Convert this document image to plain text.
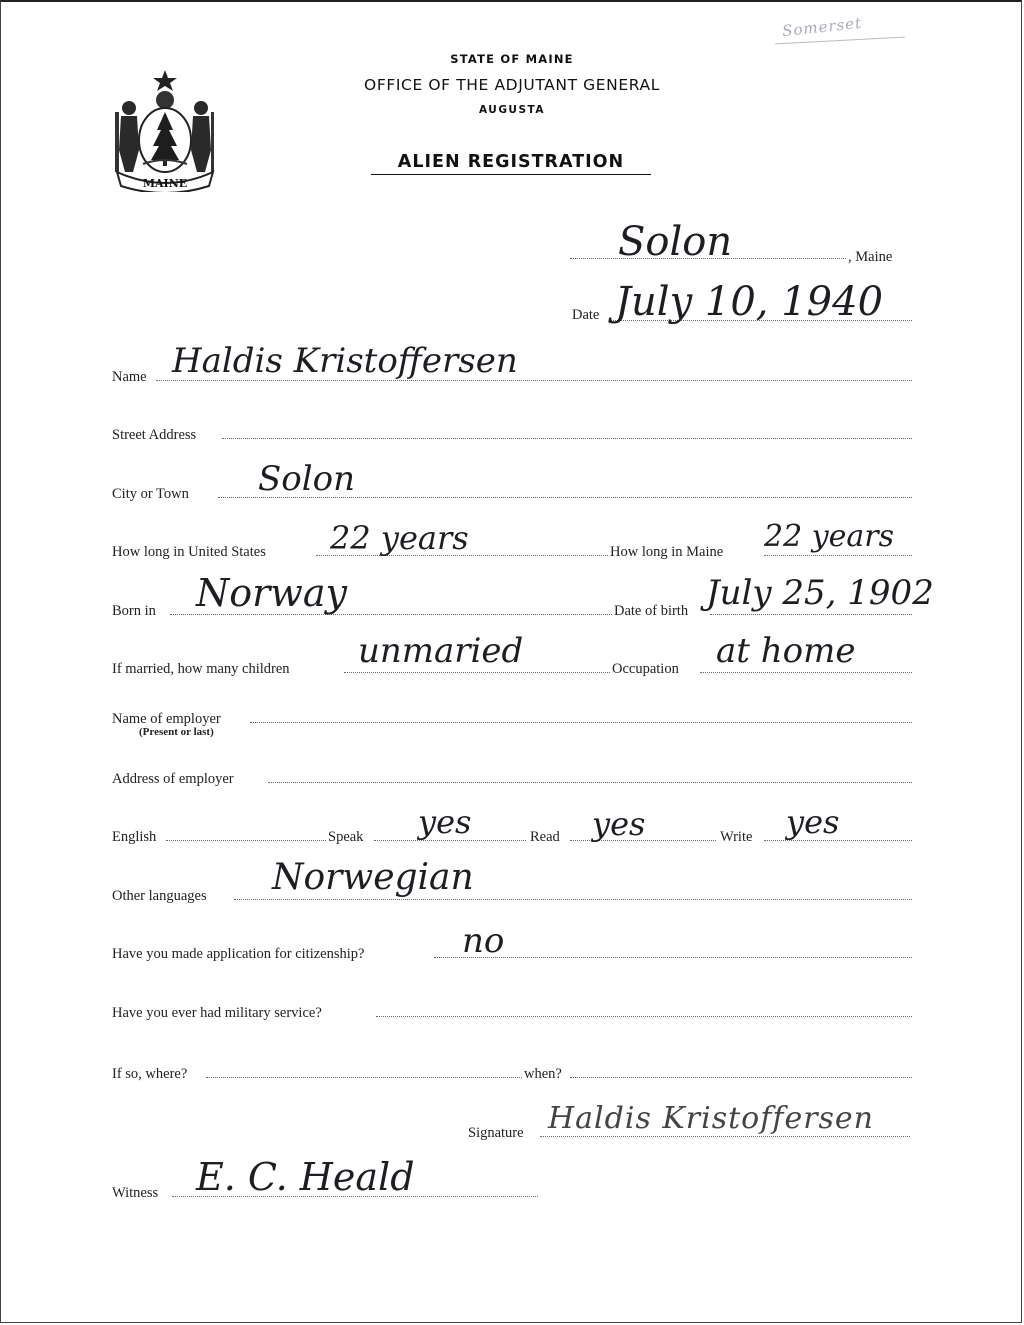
Somerset
MAINE
STATE OF MAINE
OFFICE OF THE ADJUTANT GENERAL
AUGUSTA
ALIEN REGISTRATION
Solon	, Maine
Date July 10, 1940
Name Haldis Kristoffersen
Street Address
City or Town Solon
How long in United States 22 years	How long in Maine 22 years
Born in Norway	Date of birth July 25, 1902
If married, how many children unmaried	Occupation at home
Name of employer
(Present or last)
Address of employer
English	Speak yes	Read yes	Write yes
Other languages Norwegian
Have you made application for citizenship?	no
Have you ever had military service?
If so, where?	when?
Signature Haldis Kristoffersen
Witness E. C. Heald
